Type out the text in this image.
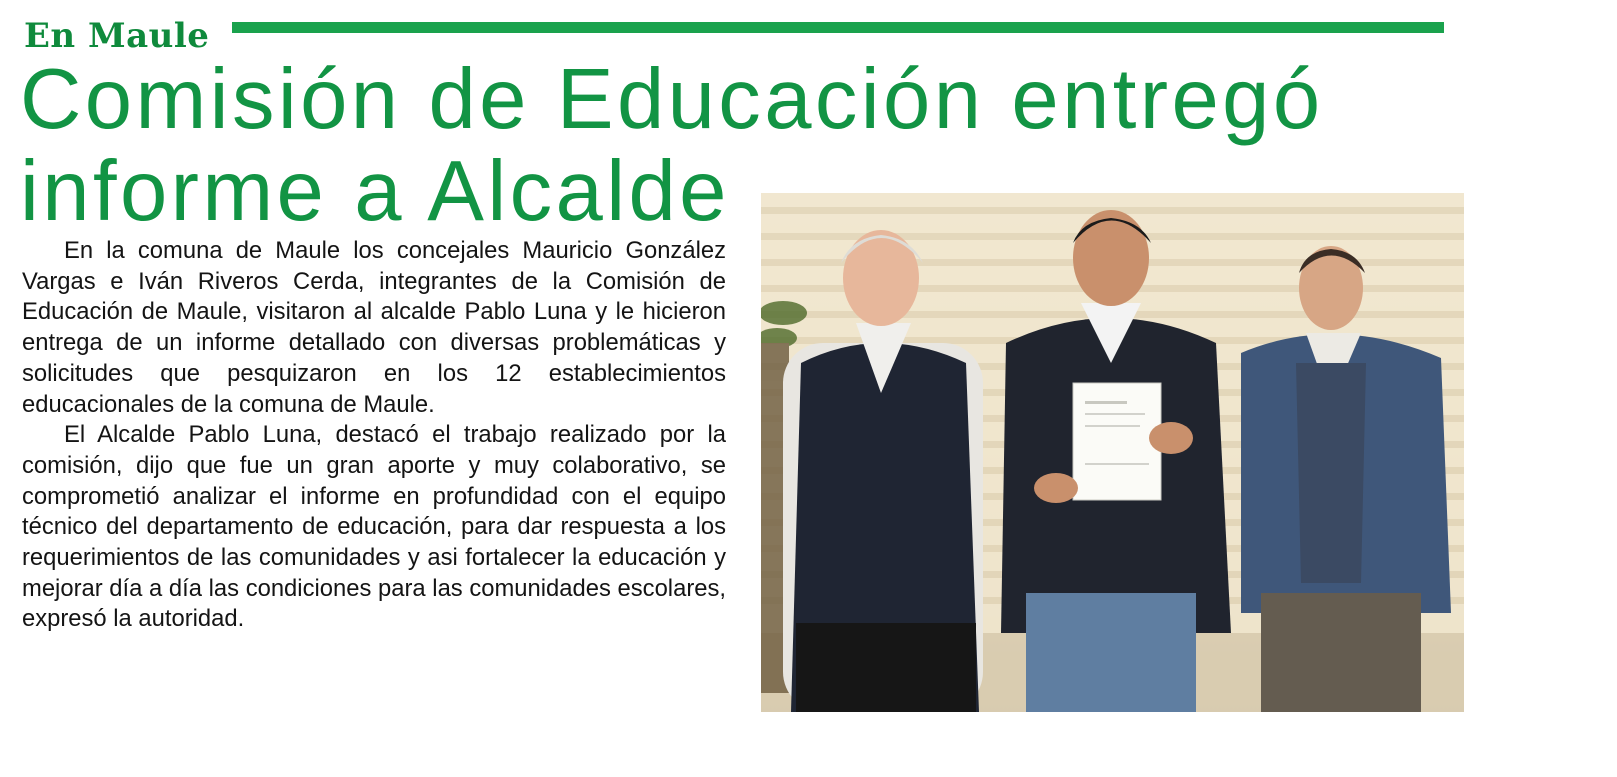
En Maule
Comisión de Educación entregó
informe a Alcalde

En la comuna de Maule los concejales Mauricio González Vargas e Iván Riveros Cerda, integrantes de la Comisión de Educación de Maule, visitaron al alcalde Pablo Luna y le hicieron entrega de un informe detallado con diversas problemáticas y solicitudes que pesquizaron en los 12 establecimientos educacionales de la comuna de Maule.

El Alcalde Pablo Luna, destacó el trabajo realizado por la comisión, dijo que fue un gran aporte y muy colaborativo, se comprometió analizar el informe en profundidad con el equipo técnico del departamento de educación, para dar respuesta a los requerimientos de las comunidades y asi fortalecer la educación y mejorar día a día las condiciones para las comunidades escolares, expresó la autoridad.
